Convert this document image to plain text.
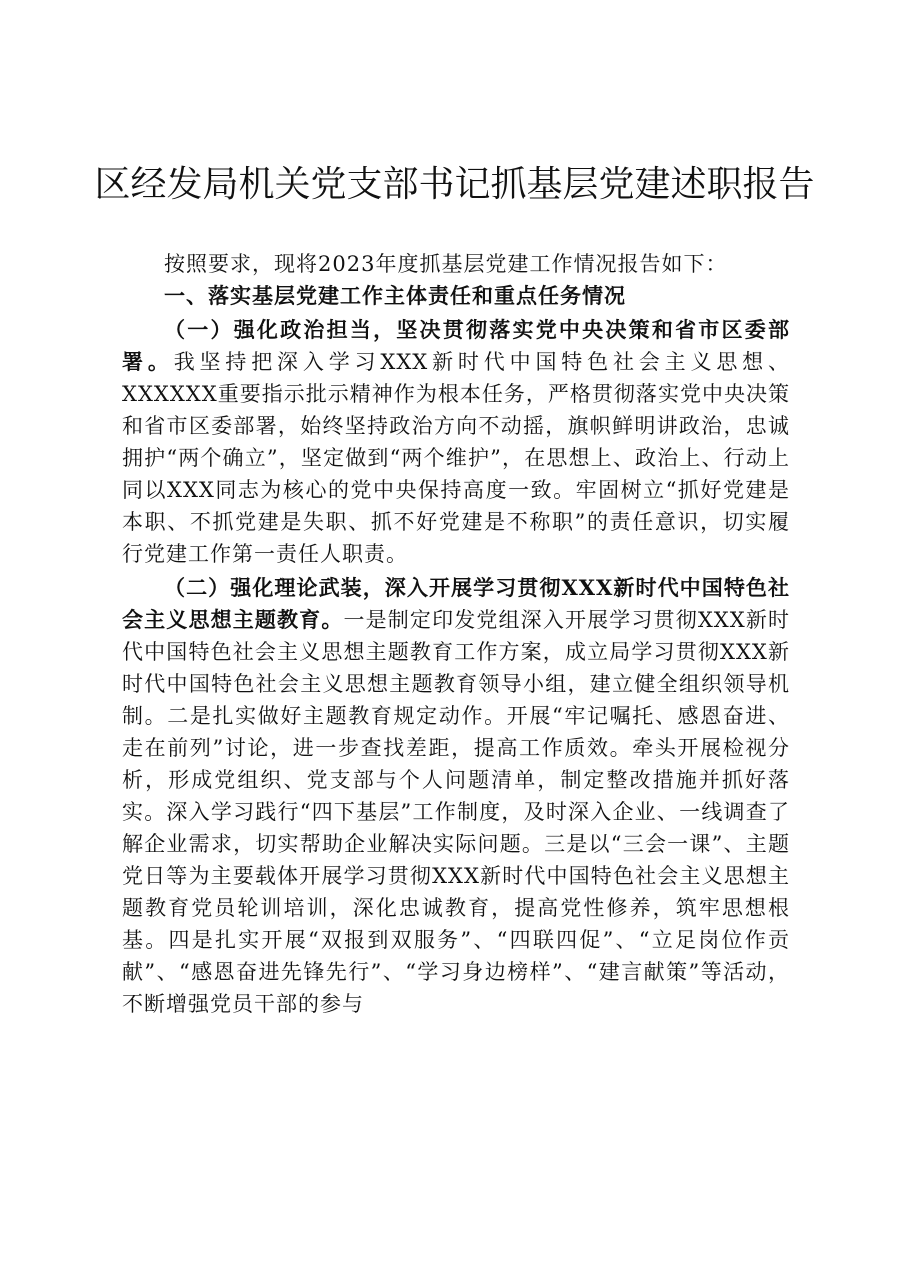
区经发局机关党支部书记抓基层党建述职报告

按照要求，现将2023年度抓基层党建工作情况报告如下：

一、落实基层党建工作主体责任和重点任务情况

（一）强化政治担当，坚决贯彻落实党中央决策和省市区委部署。我坚持把深入学习XXX新时代中国特色社会主义思想、XXXXXX重要指示批示精神作为根本任务，严格贯彻落实党中央决策和省市区委部署，始终坚持政治方向不动摇，旗帜鲜明讲政治，忠诚拥护“两个确立”，坚定做到“两个维护”，在思想上、政治上、行动上同以XXX同志为核心的党中央保持高度一致。牢固树立“抓好党建是本职、不抓党建是失职、抓不好党建是不称职”的责任意识，切实履行党建工作第一责任人职责。

（二）强化理论武装，深入开展学习贯彻XXX新时代中国特色社会主义思想主题教育。一是制定印发党组深入开展学习贯彻XXX新时代中国特色社会主义思想主题教育工作方案，成立局学习贯彻XXX新时代中国特色社会主义思想主题教育领导小组，建立健全组织领导机制。二是扎实做好主题教育规定动作。开展“牢记嘱托、感恩奋进、走在前列”讨论，进一步查找差距，提高工作质效。牵头开展检视分析，形成党组织、党支部与个人问题清单，制定整改措施并抓好落实。深入学习践行“四下基层”工作制度，及时深入企业、一线调查了解企业需求，切实帮助企业解决实际问题。三是以“三会一课”、主题党日等为主要载体开展学习贯彻XXX新时代中国特色社会主义思想主题教育党员轮训培训，深化忠诚教育，提高党性修养，筑牢思想根基。四是扎实开展“双报到双服务”、“四联四促”、“立足岗位作贡献”、“感恩奋进先锋先行”、“学习身边榜样”、“建言献策”等活动，不断增强党员干部的参与
